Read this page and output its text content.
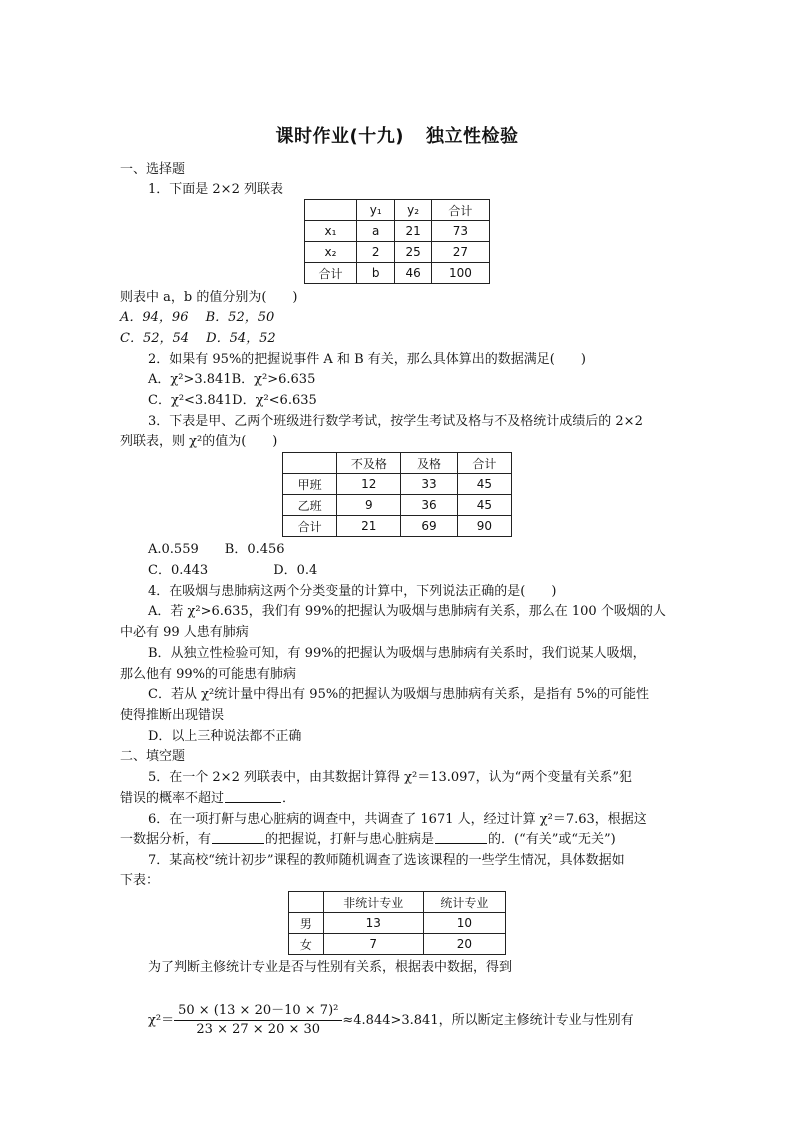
课时作业(十九) 独立性检验
一、选择题
1．下面是 2×2 列联表
	y₁	y₂	合计
x₁	a	21	73
x₂	2	25	27
合计	b	46	100
则表中 a，b 的值分别为(　　)
A．94，96　 B．52，50
C．52，54　 D．54，52
2．如果有 95%的把握说事件 A 和 B 有关，那么具体算出的数据满足(　　)
A．χ²>3.841B．χ²>6.635
C．χ²<3.841D．χ²<6.635
3．下表是甲、乙两个班级进行数学考试，按学生考试及格与不及格统计成绩后的 2×2
列联表，则 χ²的值为(　　)
	不及格	及格	合计
甲班	12	33	45
乙班	9	36	45
合计	21	69	90
A.0.559　　 B．0.456
C．0.443　　　　　	D．0.4
4．在吸烟与患肺病这两个分类变量的计算中，下列说法正确的是(　　)
A．若 χ²>6.635，我们有 99%的把握认为吸烟与患肺病有关系，那么在 100 个吸烟的人
中必有 99 人患有肺病
B．从独立性检验可知，有 99%的把握认为吸烟与患肺病有关系时，我们说某人吸烟，
那么他有 99%的可能患有肺病
C．若从 χ²统计量中得出有 95%的把握认为吸烟与患肺病有关系，是指有 5%的可能性
使得推断出现错误
D．以上三种说法都不正确
二、填空题
5．在一个 2×2 列联表中，由其数据计算得 χ²＝13.097，认为“两个变量有关系”犯
错误的概率不超过	．
6．在一项打鼾与患心脏病的调查中，共调查了 1671 人，经过计算 χ²＝7.63，根据这
一数据分析，有	的把握说，打鼾与患心脏病是	的．(“有关”或“无关”)
7．某高校“统计初步”课程的教师随机调查了选该课程的一些学生情况，具体数据如
下表：
	非统计专业	统计专业
男	13	10
女	7	20
为了判断主修统计专业是否与性别有关系，根据表中数据，得到
$\chi^2= \frac{\text{50 × (13 × 20－10 × 7)²}}{23 \times 27 \times 20 \times 30} \approx 4.844>3.841$，所以断定主修统计专业与性别有
